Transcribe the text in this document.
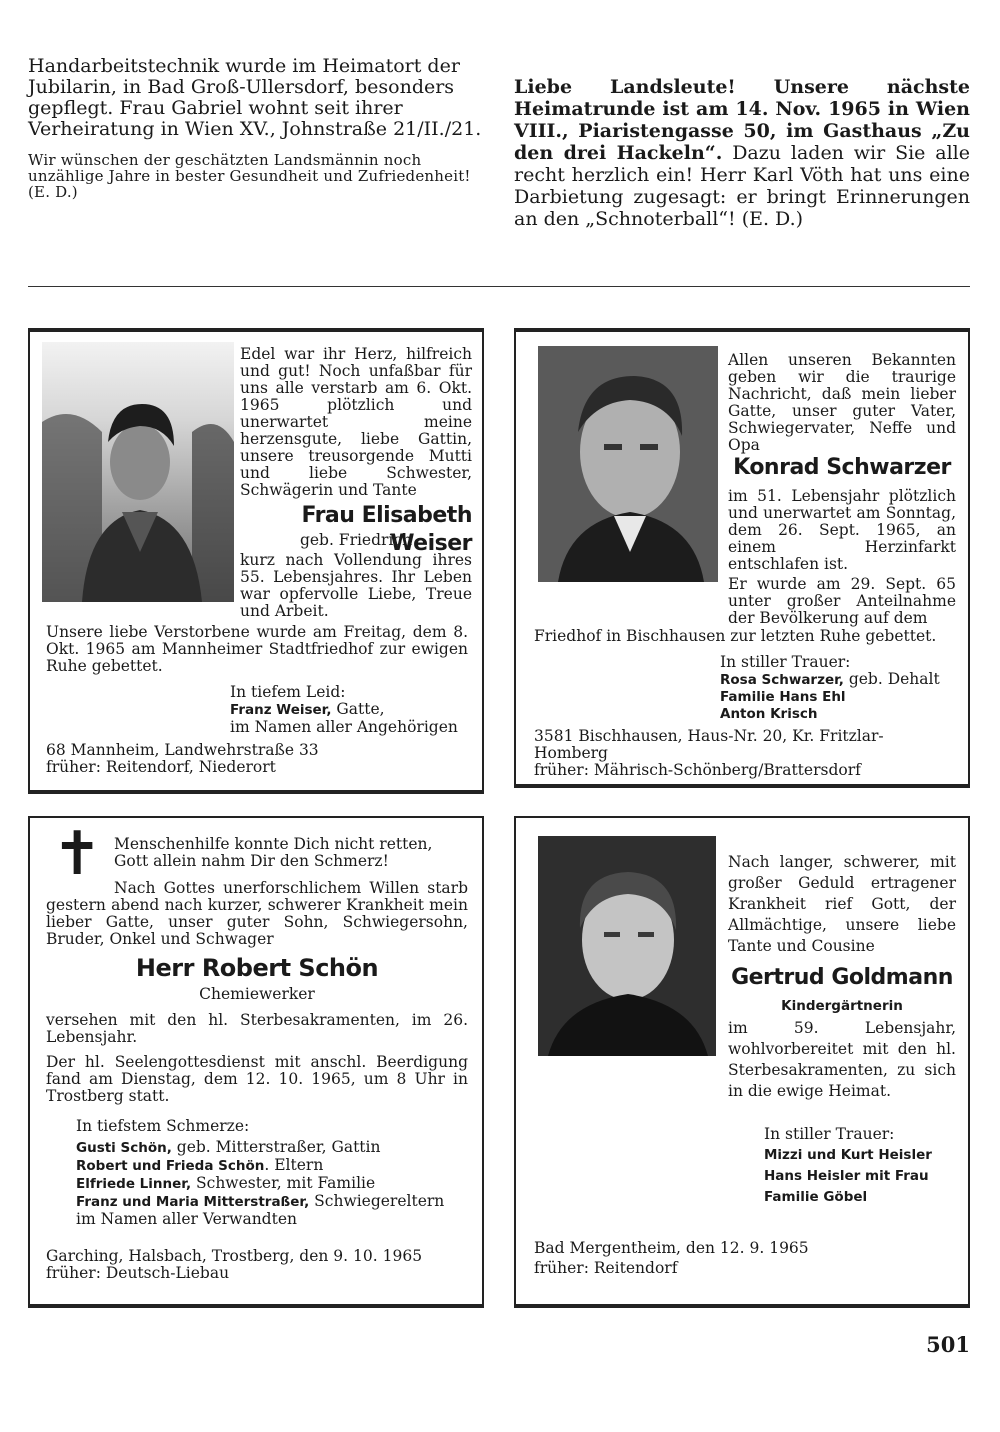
Handarbeitstechnik wurde im Heimatort der Jubilarin, in Bad Groß-Ullersdorf, besonders gepflegt. Frau Gabriel wohnt seit ihrer Verheiratung in Wien XV., Johnstraße 21/II./21.

Wir wünschen der geschätzten Landsmännin noch unzählige Jahre in bester Gesundheit und Zufriedenheit! (E. D.)

Liebe Landsleute! Unsere nächste Heimatrunde ist am 14. Nov. 1965 in Wien VIII., Piaristengasse 50, im Gasthaus „Zu den drei Hackeln“. Dazu laden wir Sie alle recht herzlich ein! Herr Karl Vöth hat uns eine Darbietung zugesagt: er bringt Erinnerungen an den „Schnoterball“! (E. D.)

Edel war ihr Herz, hilfreich und gut! Noch unfaßbar für uns alle verstarb am 6. Okt. 1965 plötzlich und unerwartet meine herzensgute, liebe Gattin, unsere treusorgende Mutti und liebe Schwester, Schwägerin und Tante
Frau Elisabeth Weiser
geb. Friedrich
kurz nach Vollendung ihres 55. Lebensjahres. Ihr Leben war opfervolle Liebe, Treue und Arbeit.
Unsere liebe Verstorbene wurde am Freitag, dem 8. Okt. 1965 am Mannheimer Stadtfriedhof zur ewigen Ruhe gebettet.
In tiefem Leid:
Franz Weiser, Gatte,
im Namen aller Angehörigen
68 Mannheim, Landwehrstraße 33
früher: Reitendorf, Niederort
Allen unseren Bekannten geben wir die traurige Nachricht, daß mein lieber Gatte, unser guter Vater, Schwiegervater, Neffe und Opa
Konrad Schwarzer
im 51. Lebensjahr plötzlich und unerwartet am Sonntag, dem 26. Sept. 1965, an einem Herzinfarkt entschlafen ist.
Er wurde am 29. Sept. 65 unter großer Anteilnahme der Bevölkerung auf dem
Friedhof in Bischhausen zur letzten Ruhe gebettet.
In stiller Trauer:
Rosa Schwarzer, geb. Dehalt
Familie Hans Ehl
Anton Krisch
3581 Bischhausen, Haus-Nr. 20, Kr. Fritzlar-Homberg
früher: Mährisch-Schönberg/Brattersdorf
✝ Menschenhilfe konnte Dich nicht retten, Gott allein nahm Dir den Schmerz!
Nach Gottes unerforschlichem Willen starb gestern abend nach kurzer, schwerer Krankheit mein lieber Gatte, unser guter Sohn, Schwiegersohn, Bruder, Onkel und Schwager
Herr Robert Schön
Chemiewerker
versehen mit den hl. Sterbesakramenten, im 26. Lebensjahr.
Der hl. Seelengottesdienst mit anschl. Beerdigung fand am Dienstag, dem 12. 10. 1965, um 8 Uhr in Trostberg statt.
In tiefstem Schmerze:
Gusti Schön, geb. Mitterstraßer, Gattin
Robert und Frieda Schön. Eltern
Elfriede Linner, Schwester, mit Familie
Franz und Maria Mitterstraßer, Schwiegereltern
im Namen aller Verwandten
Garching, Halsbach, Trostberg, den 9. 10. 1965
früher: Deutsch-Liebau
Nach langer, schwerer, mit großer Geduld ertragener Krankheit rief Gott, der Allmächtige, unsere liebe Tante und Cousine
Gertrud Goldmann
Kindergärtnerin
im 59. Lebensjahr, wohlvorbereitet mit den hl. Sterbesakramenten, zu sich in die ewige Heimat.
In stiller Trauer:
Mizzi und Kurt Heisler
Hans Heisler mit Frau
Familie Göbel
Bad Mergentheim, den 12. 9. 1965
früher: Reitendorf
501
